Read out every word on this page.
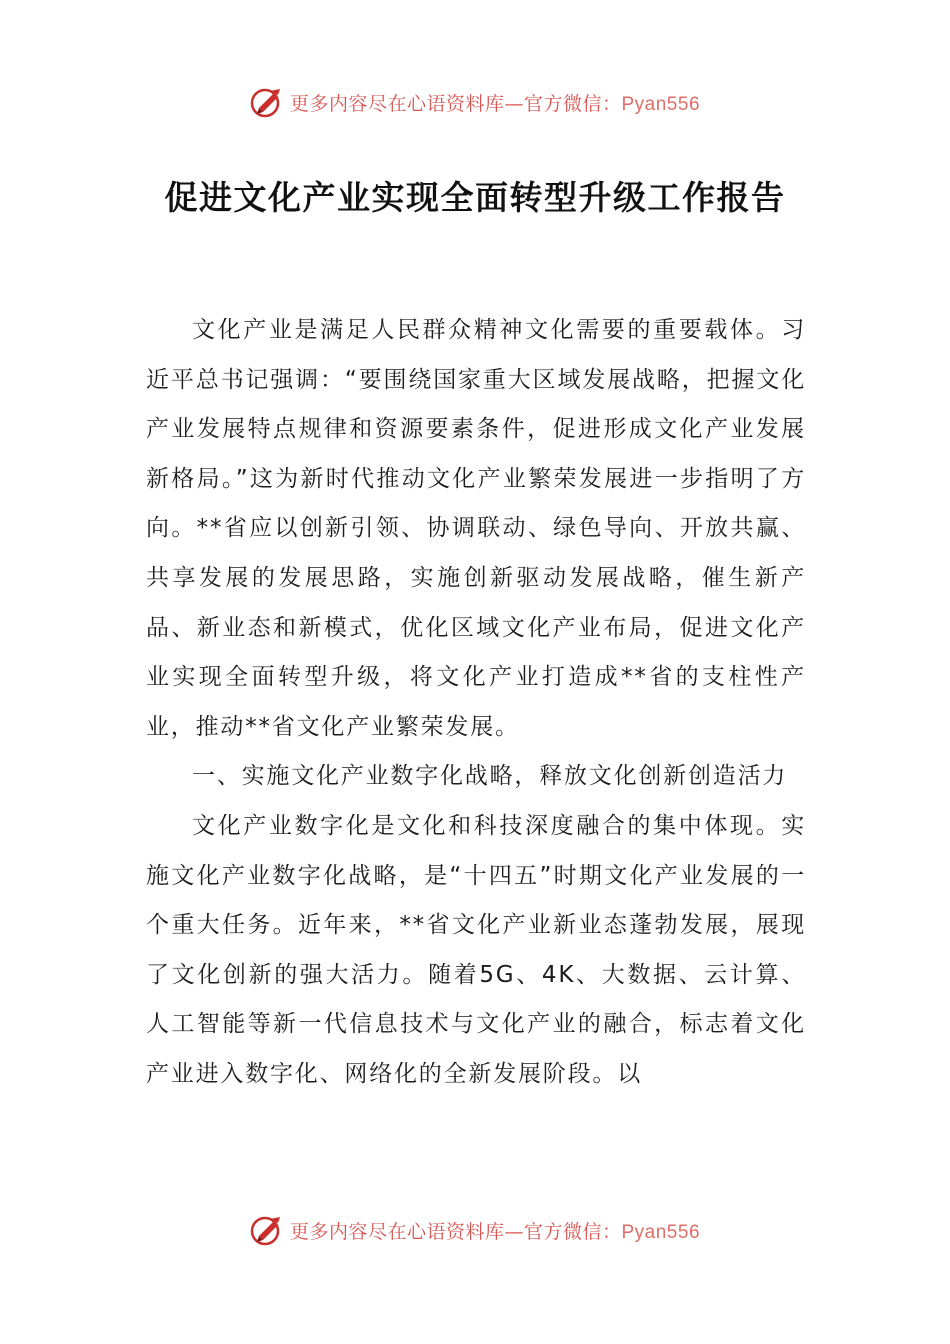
更多内容尽在心语资料库—官方微信：Pyan556
促进文化产业实现全面转型升级工作报告

文化产业是满足人民群众精神文化需要的重要载体。习近平总书记强调：“要围绕国家重大区域发展战略，把握文化产业发展特点规律和资源要素条件，促进形成文化产业发展新格局。”这为新时代推动文化产业繁荣发展进一步指明了方向。**省应以创新引领、协调联动、绿色导向、开放共赢、共享发展的发展思路，实施创新驱动发展战略，催生新产品、新业态和新模式，优化区域文化产业布局，促进文化产业实现全面转型升级，将文化产业打造成**省的支柱性产业，推动**省文化产业繁荣发展。

一、实施文化产业数字化战略，释放文化创新创造活力

文化产业数字化是文化和科技深度融合的集中体现。实施文化产业数字化战略，是“十四五”时期文化产业发展的一个重大任务。近年来，**省文化产业新业态蓬勃发展，展现了文化创新的强大活力。随着5G、4K、大数据、云计算、人工智能等新一代信息技术与文化产业的融合，标志着文化产业进入数字化、网络化的全新发展阶段。以

更多内容尽在心语资料库—官方微信：Pyan556
